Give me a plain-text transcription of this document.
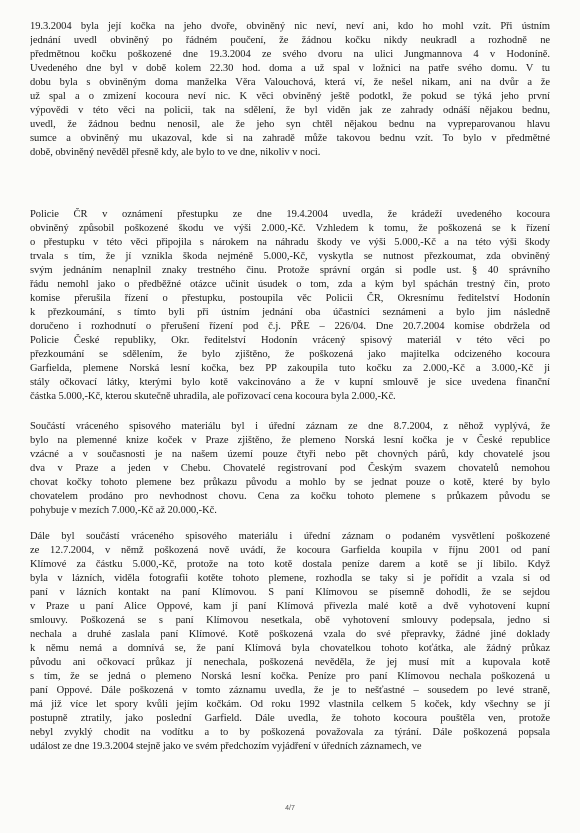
19.3.2004 byla její kočka na jeho dvoře, obviněný nic neví, neví ani, kdo ho mohl vzít. Při ústním
jednání uvedl obviněný po řádném poučení, že žádnou kočku nikdy neukradl a rozhodně ne
předmětnou kočku poškozené dne 19.3.2004 ze svého dvoru na ulici Jungmannova 4 v Hodoníně.
Uvedeného dne byl v době kolem 22.30 hod. doma a už spal v ložnici na patře svého domu. V tu
dobu byla s obviněným doma manželka Věra Valouchová, která ví, že nešel nikam, ani na dvůr a že
už spal a o zmizení kocoura neví nic. K věci obviněný ještě podotkl, že pokud se týká jeho první
výpovědi v této věci na policii, tak na sdělení, že byl viděn jak ze zahrady odnáší nějakou bednu,
uvedl, že žádnou bednu nenosil, ale že jeho syn chtěl nějakou bednu na vypreparovanou hlavu
sumce a obviněný mu ukazoval, kde si na zahradě může takovou bednu vzít. To bylo v předmětné
době, obviněný nevěděl přesně kdy, ale bylo to ve dne, nikoliv v noci.
Policie ČR v oznámení přestupku ze dne 19.4.2004 uvedla, že krádeží uvedeného kocoura
obviněný způsobil poškozené škodu ve výši 2.000,-Kč. Vzhledem k tomu, že poškozená se k řízení
o přestupku v této věci připojila s nárokem na náhradu škody ve výši 5.000,-Kč a na této výši škody
trvala s tím, že jí vznikla škoda nejméně 5.000,-Kč, vyskytla se nutnost přezkoumat, zda obviněný
svým jednáním nenaplnil znaky trestného činu. Protože správní orgán si podle ust. § 40 správního
řádu nemohl jako o předběžné otázce učinit úsudek o tom, zda a kým byl spáchán trestný čin, proto
komise přerušila řízení o přestupku, postoupila věc Policii ČR, Okresnímu ředitelství Hodonín
k přezkoumání, s tímto byli při ústním jednání oba účastníci seznámeni a bylo jim následně
doručeno i rozhodnutí o přerušení řízení pod č.j. PŘE – 226/04. Dne 20.7.2004 komise obdržela od
Policie České republiky, Okr. ředitelství Hodonín vrácený spisový materiál v této věci po
přezkoumání se sdělením, že bylo zjištěno, že poškozená jako majitelka odcizeného kocoura
Garfielda, plemene Norská lesní kočka, bez PP zakoupila tuto kočku za 2.000,-Kč a 3.000,-Kč ji
stály očkovací látky, kterými bylo kotě vakcinováno a že v kupní smlouvě je sice uvedena finanční
částka 5.000,-Kč, kterou skutečně uhradila, ale pořizovací cena kocoura byla 2.000,-Kč.
Součástí vráceného spisového materiálu byl i úřední záznam ze dne 8.7.2004, z něhož vyplývá, že
bylo na plemenné knize koček v Praze zjištěno, že plemeno Norská lesní kočka je v České republice
vzácné a v současnosti je na našem území pouze čtyři nebo pět chovných párů, kdy chovatelé jsou
dva v Praze a jeden v Chebu. Chovatelé registrovaní pod Českým svazem chovatelů nemohou
chovat kočky tohoto plemene bez průkazu původu a mohlo by se jednat pouze o kotě, které by bylo
chovatelem prodáno pro nevhodnost chovu. Cena za kočku tohoto plemene s průkazem původu se
pohybuje v mezích 7.000,-Kč až 20.000,-Kč.
Dále byl součástí vráceného spisového materiálu i úřední záznam o podaném vysvětlení poškozené
ze 12.7.2004, v němž poškozená nově uvádí, že kocoura Garfielda koupila v říjnu 2001 od paní
Klímové za částku 5.000,-Kč, protože na toto kotě dostala peníze darem a kotě se jí líbilo. Když
byla v lázních, viděla fotografii kotěte tohoto plemene, rozhodla se taky si je pořídit a vzala si od
paní v lázních kontakt na paní Klímovou. S paní Klímovou se písemně dohodli, že se sejdou
v Praze u paní Alice Oppové, kam jí paní Klímová přivezla malé kotě a dvě vyhotovení kupní
smlouvy. Poškozená se s paní Klímovou nesetkala, obě vyhotovení smlouvy podepsala, jedno si
nechala a druhé zaslala paní Klímové. Kotě poškozená vzala do své přepravky, žádné jiné doklady
k němu nemá a domnívá se, že paní Klímová byla chovatelkou tohoto koťátka, ale žádný průkaz
původu ani očkovací průkaz jí nenechala, poškozená nevěděla, že jej musí mít a kupovala kotě
s tím, že se jedná o plemeno Norská lesní kočka. Peníze pro paní Klímovou nechala poškozená u
paní Oppové. Dále poškozená v tomto záznamu uvedla, že je to nešťastné – sousedem po levé straně,
má již více let spory kvůli jejím kočkám. Od roku 1992 vlastnila celkem 5 koček, kdy všechny se jí
postupně ztratily, jako poslední Garfield. Dále uvedla, že tohoto kocoura pouštěla ven, protože
nebyl zvyklý chodit na vodítku a to by poškozená považovala za týrání. Dále poškozená popsala
událost ze dne 19.3.2004 stejně jako ve svém předchozím vyjádření v úředních záznamech, ve
4/7
